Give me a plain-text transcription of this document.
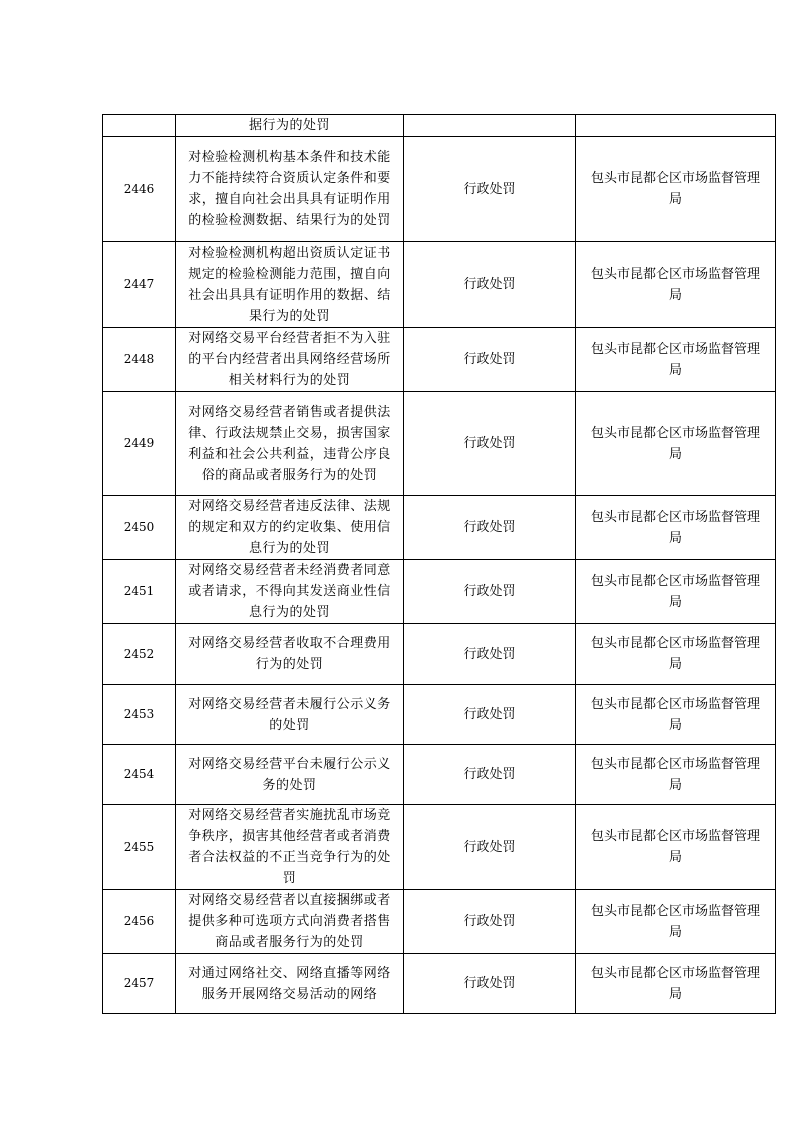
	据行为的处罚		
2446	对检验检测机构基本条件和技术能力不能持续符合资质认定条件和要求，擅自向社会出具具有证明作用的检验检测数据、结果行为的处罚	行政处罚	包头市昆都仑区市场监督管理局
2447	对检验检测机构超出资质认定证书规定的检验检测能力范围，擅自向社会出具具有证明作用的数据、结果行为的处罚	行政处罚	包头市昆都仑区市场监督管理局
2448	对网络交易平台经营者拒不为入驻的平台内经营者出具网络经营场所相关材料行为的处罚	行政处罚	包头市昆都仑区市场监督管理局
2449	对网络交易经营者销售或者提供法律、行政法规禁止交易，损害国家利益和社会公共利益，违背公序良俗的商品或者服务行为的处罚	行政处罚	包头市昆都仑区市场监督管理局
2450	对网络交易经营者违反法律、法规的规定和双方的约定收集、使用信息行为的处罚	行政处罚	包头市昆都仑区市场监督管理局
2451	对网络交易经营者未经消费者同意或者请求，不得向其发送商业性信息行为的处罚	行政处罚	包头市昆都仑区市场监督管理局
2452	对网络交易经营者收取不合理费用行为的处罚	行政处罚	包头市昆都仑区市场监督管理局
2453	对网络交易经营者未履行公示义务的处罚	行政处罚	包头市昆都仑区市场监督管理局
2454	对网络交易经营平台未履行公示义务的处罚	行政处罚	包头市昆都仑区市场监督管理局
2455	对网络交易经营者实施扰乱市场竞争秩序，损害其他经营者或者消费者合法权益的不正当竞争行为的处罚	行政处罚	包头市昆都仑区市场监督管理局
2456	对网络交易经营者以直接捆绑或者提供多种可选项方式向消费者搭售商品或者服务行为的处罚	行政处罚	包头市昆都仑区市场监督管理局
2457	对通过网络社交、网络直播等网络服务开展网络交易活动的网络	行政处罚	包头市昆都仑区市场监督管理局
